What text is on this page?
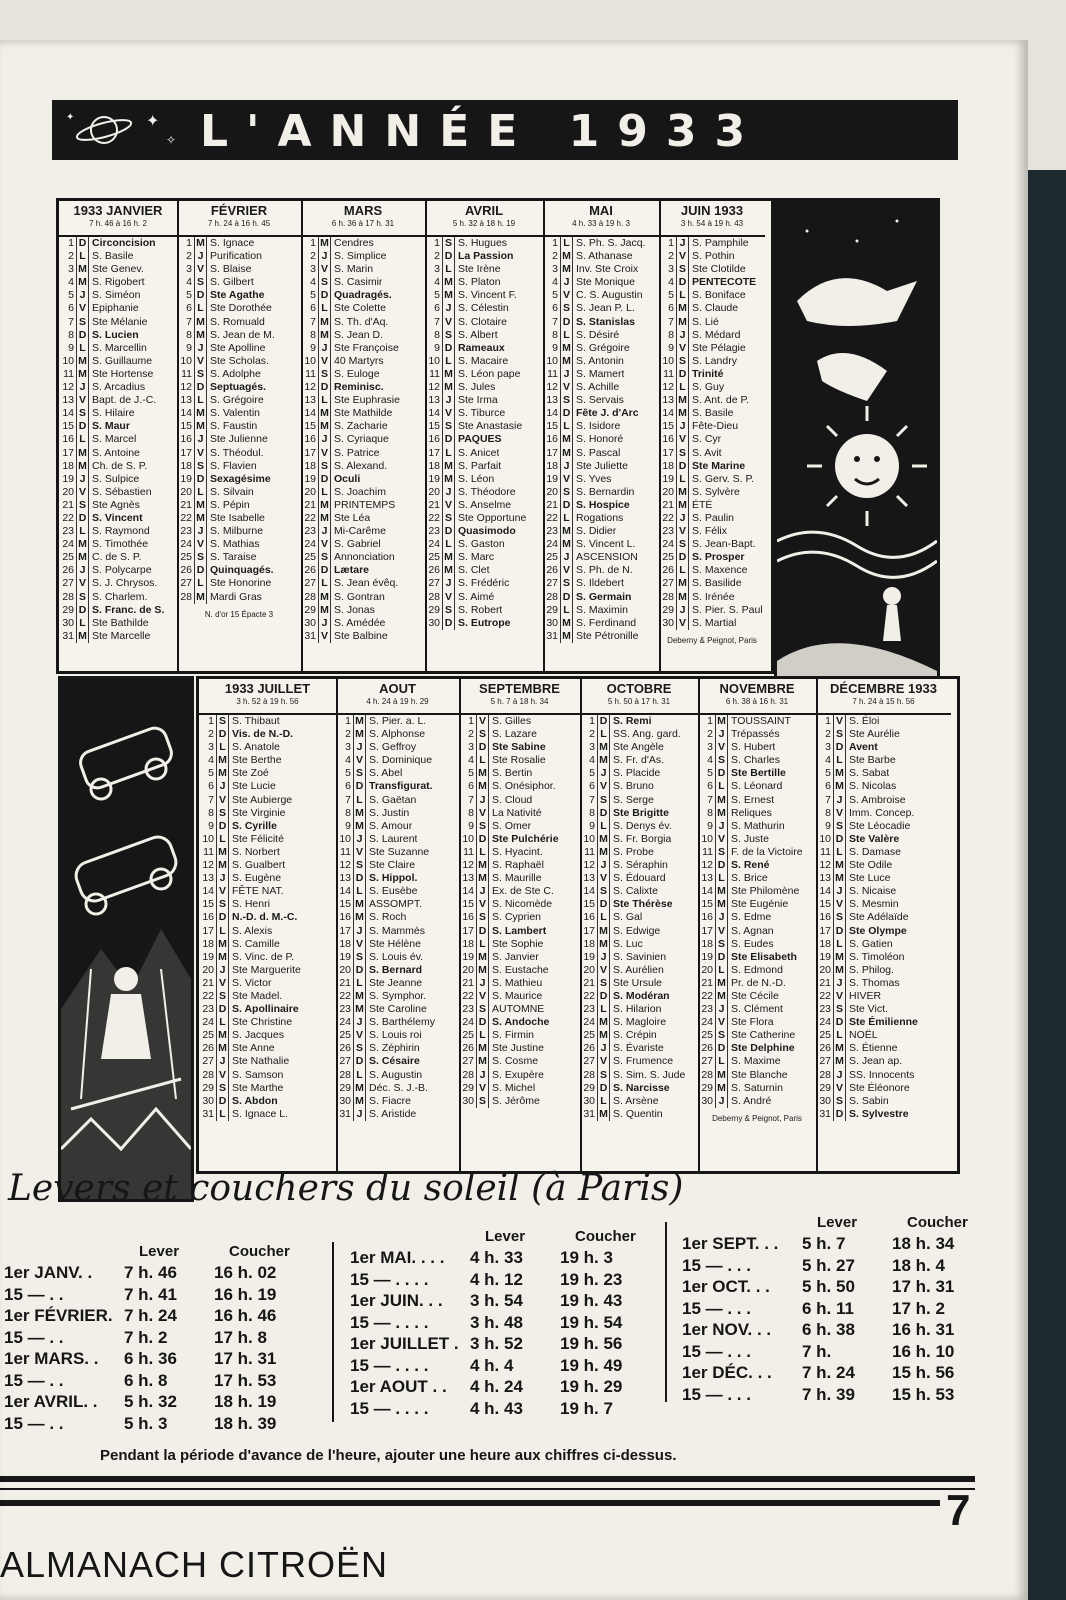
✦
✧
✦	L'ANNÉE 1933
1933 JANVIER
7 h. 46 à 16 h. 2
1 D Circoncision
2 L S. Basile
3 M Ste Genev.
4 M S. Rigobert
5 J S. Siméon
6 V Epiphanie
7 S Ste Mélanie
8 D S. Lucien
9 L S. Marcellin
10 M S. Guillaume
11 M Ste Hortense
12 J S. Arcadius
13 V Bapt. de J.-C.
14 S S. Hilaire
15 D S. Maur
16 L S. Marcel
17 M S. Antoine
18 M Ch. de S. P.
19 J S. Sulpice
20 V S. Sébastien
21 S Ste Agnès
22 D S. Vincent
23 L S. Raymond
24 M S. Timothée
25 M C. de S. P.
26 J S. Polycarpe
27 V S. J. Chrysos.
28 S S. Charlem.
29 D S. Franc. de S.
30 L Ste Bathilde
31 M Ste Marcelle
FÉVRIER
7 h. 24 à 16 h. 45
1 M S. Ignace
2 J Purification
3 V S. Blaise
4 S S. Gilbert
5 D Ste Agathe
6 L Ste Dorothée
7 M S. Romuald
8 M S. Jean de M.
9 J Ste Apolline
10 V Ste Scholas.
11 S S. Adolphe
12 D Septuagés.
13 L S. Grégoire
14 M S. Valentin
15 M S. Faustin
16 J Ste Julienne
17 V S. Théodul.
18 S S. Flavien
19 D Sexagésime
20 L S. Silvain
21 M S. Pépin
22 M Ste Isabelle
23 J S. Milburne
24 V S. Mathias
25 S S. Taraise
26 D Quinquagés.
27 L Ste Honorine
28 M Mardi Gras
N. d'or 15 Épacte 3
MARS
6 h. 36 à 17 h. 31
1 M Cendres
2 J S. Simplice
3 V S. Marin
4 S S. Casimir
5 D Quadragés.
6 L Ste Colette
7 M S. Th. d'Aq.
8 M S. Jean D.
9 J Ste Françoise
10 V 40 Martyrs
11 S S. Euloge
12 D Reminisc.
13 L Ste Euphrasie
14 M Ste Mathilde
15 M S. Zacharie
16 J S. Cyriaque
17 V S. Patrice
18 S S. Alexand.
19 D Oculi
20 L S. Joachim
21 M PRINTEMPS
22 M Ste Léa
23 J Mi-Carême
24 V S. Gabriel
25 S Annonciation
26 D Lætare
27 L S. Jean évêq.
28 M S. Gontran
29 M S. Jonas
30 J S. Amédée
31 V Ste Balbine
AVRIL
5 h. 32 à 18 h. 19
1 S S. Hugues
2 D La Passion
3 L Ste Irène
4 M S. Platon
5 M S. Vincent F.
6 J S. Célestin
7 V S. Clotaire
8 S S. Albert
9 D Rameaux
10 L S. Macaire
11 M S. Léon pape
12 M S. Jules
13 J Ste Irma
14 V S. Tiburce
15 S Ste Anastasie
16 D PAQUES
17 L S. Anicet
18 M S. Parfait
19 M S. Léon
20 J S. Théodore
21 V S. Anselme
22 S Ste Opportune
23 D Quasimodo
24 L S. Gaston
25 M S. Marc
26 M S. Clet
27 J S. Frédéric
28 V S. Aimé
29 S S. Robert
30 D S. Eutrope
MAI
4 h. 33 à 19 h. 3
1 L S. Ph. S. Jacq.
2 M S. Athanase
3 M Inv. Ste Croix
4 J Ste Monique
5 V C. S. Augustin
6 S S. Jean P. L.
7 D S. Stanislas
8 L S. Désiré
9 M S. Grégoire
10 M S. Antonin
11 J S. Mamert
12 V S. Achille
13 S S. Servais
14 D Fête J. d'Arc
15 L S. Isidore
16 M S. Honoré
17 M S. Pascal
18 J Ste Juliette
19 V S. Yves
20 S S. Bernardin
21 D S. Hospice
22 L Rogations
23 M S. Didier
24 M S. Vincent L.
25 J ASCENSION
26 V S. Ph. de N.
27 S S. Ildebert
28 D S. Germain
29 L S. Maximin
30 M S. Ferdinand
31 M Ste Pétronille
JUIN 1933
3 h. 54 à 19 h. 43
1 J S. Pamphile
2 V S. Pothin
3 S Ste Clotilde
4 D PENTECOTE
5 L S. Boniface
6 M S. Claude
7 M S. Lié
8 J S. Médard
9 V Ste Pélagie
10 S S. Landry
11 D Trinité
12 L S. Guy
13 M S. Ant. de P.
14 M S. Basile
15 J Fête-Dieu
16 V S. Cyr
17 S S. Avit
18 D Ste Marine
19 L S. Gerv. S. P.
20 M S. Sylvère
21 M ÉTÉ
22 J S. Paulin
23 V S. Félix
24 S S. Jean-Bapt.
25 D S. Prosper
26 L S. Maxence
27 M S. Basilide
28 M S. Irénée
29 J S. Pier. S. Paul
30 V S. Martial
Deberny & Peignot, Paris
1933 JUILLET
3 h. 52 à 19 h. 56
1 S S. Thibaut
2 D Vis. de N.-D.
3 L S. Anatole
4 M Ste Berthe
5 M Ste Zoé
6 J Ste Lucie
7 V Ste Aubierge
8 S Ste Virginie
9 D S. Cyrille
10 L Ste Félicité
11 M S. Norbert
12 M S. Gualbert
13 J S. Eugène
14 V FÊTE NAT.
15 S S. Henri
16 D N.-D. d. M.-C.
17 L S. Alexis
18 M S. Camille
19 M S. Vinc. de P.
20 J Ste Marguerite
21 V S. Victor
22 S Ste Madel.
23 D S. Apollinaire
24 L Ste Christine
25 M S. Jacques
26 M Ste Anne
27 J Ste Nathalie
28 V S. Samson
29 S Ste Marthe
30 D S. Abdon
31 L S. Ignace L.
AOUT
4 h. 24 à 19 h. 29
1 M S. Pier. a. L.
2 M S. Alphonse
3 J S. Geffroy
4 V S. Dominique
5 S S. Abel
6 D Transfigurat.
7 L S. Gaëtan
8 M S. Justin
9 M S. Amour
10 J S. Laurent
11 V Ste Suzanne
12 S Ste Claire
13 D S. Hippol.
14 L S. Eusèbe
15 M ASSOMPT.
16 M S. Roch
17 J S. Mammès
18 V Ste Hélène
19 S S. Louis év.
20 D S. Bernard
21 L Ste Jeanne
22 M S. Symphor.
23 M Ste Caroline
24 J S. Barthélemy
25 V S. Louis roi
26 S S. Zéphirin
27 D S. Césaire
28 L S. Augustin
29 M Déc. S. J.-B.
30 M S. Fiacre
31 J S. Aristide
SEPTEMBRE
5 h. 7 à 18 h. 34
1 V S. Gilles
2 S S. Lazare
3 D Ste Sabine
4 L Ste Rosalie
5 M S. Bertin
6 M S. Onésiphor.
7 J S. Cloud
8 V La Nativité
9 S S. Omer
10 D Ste Pulchérie
11 L S. Hyacint.
12 M S. Raphaël
13 M S. Maurille
14 J Ex. de Ste C.
15 V S. Nicomède
16 S S. Cyprien
17 D S. Lambert
18 L Ste Sophie
19 M S. Janvier
20 M S. Eustache
21 J S. Mathieu
22 V S. Maurice
23 S AUTOMNE
24 D S. Andoche
25 L S. Firmin
26 M Ste Justine
27 M S. Cosme
28 J S. Exupère
29 V S. Michel
30 S S. Jérôme
OCTOBRE
5 h. 50 à 17 h. 31
1 D S. Remi
2 L SS. Ang. gard.
3 M Ste Angèle
4 M S. Fr. d'As.
5 J S. Placide
6 V S. Bruno
7 S S. Serge
8 D Ste Brigitte
9 L S. Denys év.
10 M S. Fr. Borgia
11 M S. Probe
12 J S. Séraphin
13 V S. Édouard
14 S S. Calixte
15 D Ste Thérèse
16 L S. Gal
17 M S. Edwige
18 M S. Luc
19 J S. Savinien
20 V S. Aurélien
21 S Ste Ursule
22 D S. Modéran
23 L S. Hilarion
24 M S. Magloire
25 M S. Crépin
26 J S. Évariste
27 V S. Frumence
28 S S. Sim. S. Jude
29 D S. Narcisse
30 L S. Arsène
31 M S. Quentin
NOVEMBRE
6 h. 38 à 16 h. 31
1 M TOUSSAINT
2 J Trépassés
3 V S. Hubert
4 S S. Charles
5 D Ste Bertille
6 L S. Léonard
7 M S. Ernest
8 M Reliques
9 J S. Mathurin
10 V S. Juste
11 S F. de la Victoire
12 D S. René
13 L S. Brice
14 M Ste Philomène
15 M Ste Eugénie
16 J S. Edme
17 V S. Agnan
18 S S. Eudes
19 D Ste Elisabeth
20 L S. Edmond
21 M Pr. de N.-D.
22 M Ste Cécile
23 J S. Clément
24 V Ste Flora
25 S Ste Catherine
26 D Ste Delphine
27 L S. Maxime
28 M Ste Blanche
29 M S. Saturnin
30 J S. André
Deberny & Peignot, Paris
DÉCEMBRE 1933
7 h. 24 à 15 h. 56
1 V S. Éloi
2 S Ste Aurélie
3 D Avent
4 L Ste Barbe
5 M S. Sabat
6 M S. Nicolas
7 J S. Ambroise
8 V Imm. Concep.
9 S Ste Léocadie
10 D Ste Valère
11 L S. Damase
12 M Ste Odile
13 M Ste Luce
14 J S. Nicaise
15 V S. Mesmin
16 S Ste Adélaïde
17 D Ste Olympe
18 L S. Gatien
19 M S. Timoléon
20 M S. Philog.
21 J S. Thomas
22 V HIVER
23 S Ste Vict.
24 D Ste Émilienne
25 L NOËL
26 M S. Étienne
27 M S. Jean ap.
28 J SS. Innocents
29 V Ste Éléonore
30 S S. Sabin
31 D S. Sylvestre
Levers et couchers du soleil (à Paris)
Lever	Coucher
1er JANV. .	7 h. 46	16 h. 02
15 — . .	7 h. 41	16 h. 19
1er FÉVRIER. 7 h. 24	16 h. 46
15 — . .	7 h. 2	17 h. 8
1er MARS. .	6 h. 36	17 h. 31
15 — . .	6 h. 8	17 h. 53
1er AVRIL. .	5 h. 32	18 h. 19
15 — . .	5 h. 3	18 h. 39
Lever	Coucher
1er MAI. . . .	4 h. 33	19 h. 3
15 — . . . .	4 h. 12	19 h. 23
1er JUIN. . .	3 h. 54	19 h. 43
15 — . . . .	3 h. 48	19 h. 54
1er JUILLET . 3 h. 52	19 h. 56
15 — . . . .	4 h. 4	19 h. 49
1er AOUT . .	4 h. 24	19 h. 29
15 — . . . .	4 h. 43	19 h. 7
Lever	Coucher
1er SEPT. . .	5 h. 7	18 h. 34
15 — . . .	5 h. 27	18 h. 4
1er OCT. . .	5 h. 50	17 h. 31
15 — . . .	6 h. 11	17 h. 2
1er NOV. . .	6 h. 38	16 h. 31
15 — . . .	7 h.	16 h. 10
1er DÉC. . .	7 h. 24	15 h. 56
15 — . . .	7 h. 39	15 h. 53
Pendant la période d'avance de l'heure, ajouter une heure aux chiffres ci-dessus.
7
ALMANACH CITROËN
